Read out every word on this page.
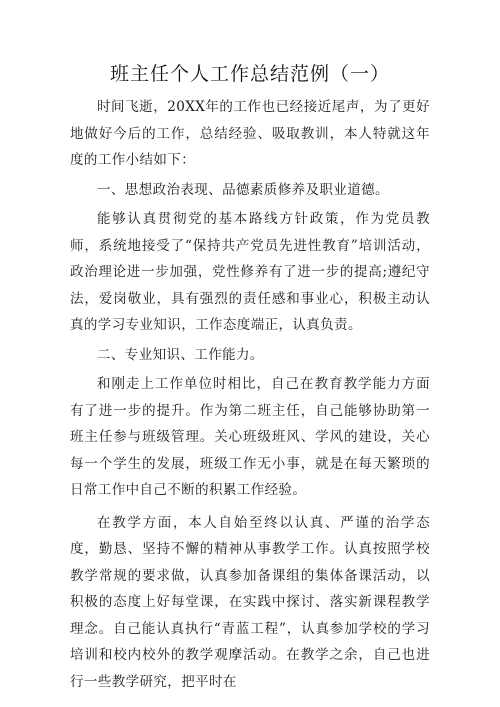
班主任个人工作总结范例（一）

时间飞逝，20XX年的工作也已经接近尾声，为了更好地做好今后的工作，总结经验、吸取教训，本人特就这年度的工作小结如下：

一、思想政治表现、品德素质修养及职业道德。

能够认真贯彻党的基本路线方针政策，作为党员教师，系统地接受了“保持共产党员先进性教育”培训活动，政治理论进一步加强，党性修养有了进一步的提高;遵纪守法，爱岗敬业，具有强烈的责任感和事业心，积极主动认真的学习专业知识，工作态度端正，认真负责。

二、专业知识、工作能力。

和刚走上工作单位时相比，自己在教育教学能力方面有了进一步的提升。作为第二班主任，自己能够协助第一班主任参与班级管理。关心班级班风、学风的建设，关心每一个学生的发展，班级工作无小事，就是在每天繁琐的日常工作中自己不断的积累工作经验。

在教学方面，本人自始至终以认真、严谨的治学态度，勤恳、坚持不懈的精神从事教学工作。认真按照学校教学常规的要求做，认真参加备课组的集体备课活动，以积极的态度上好每堂课，在实践中探讨、落实新课程教学理念。自己能认真执行“青蓝工程”，认真参加学校的学习培训和校内校外的教学观摩活动。在教学之余，自己也进行一些教学研究，把平时在
